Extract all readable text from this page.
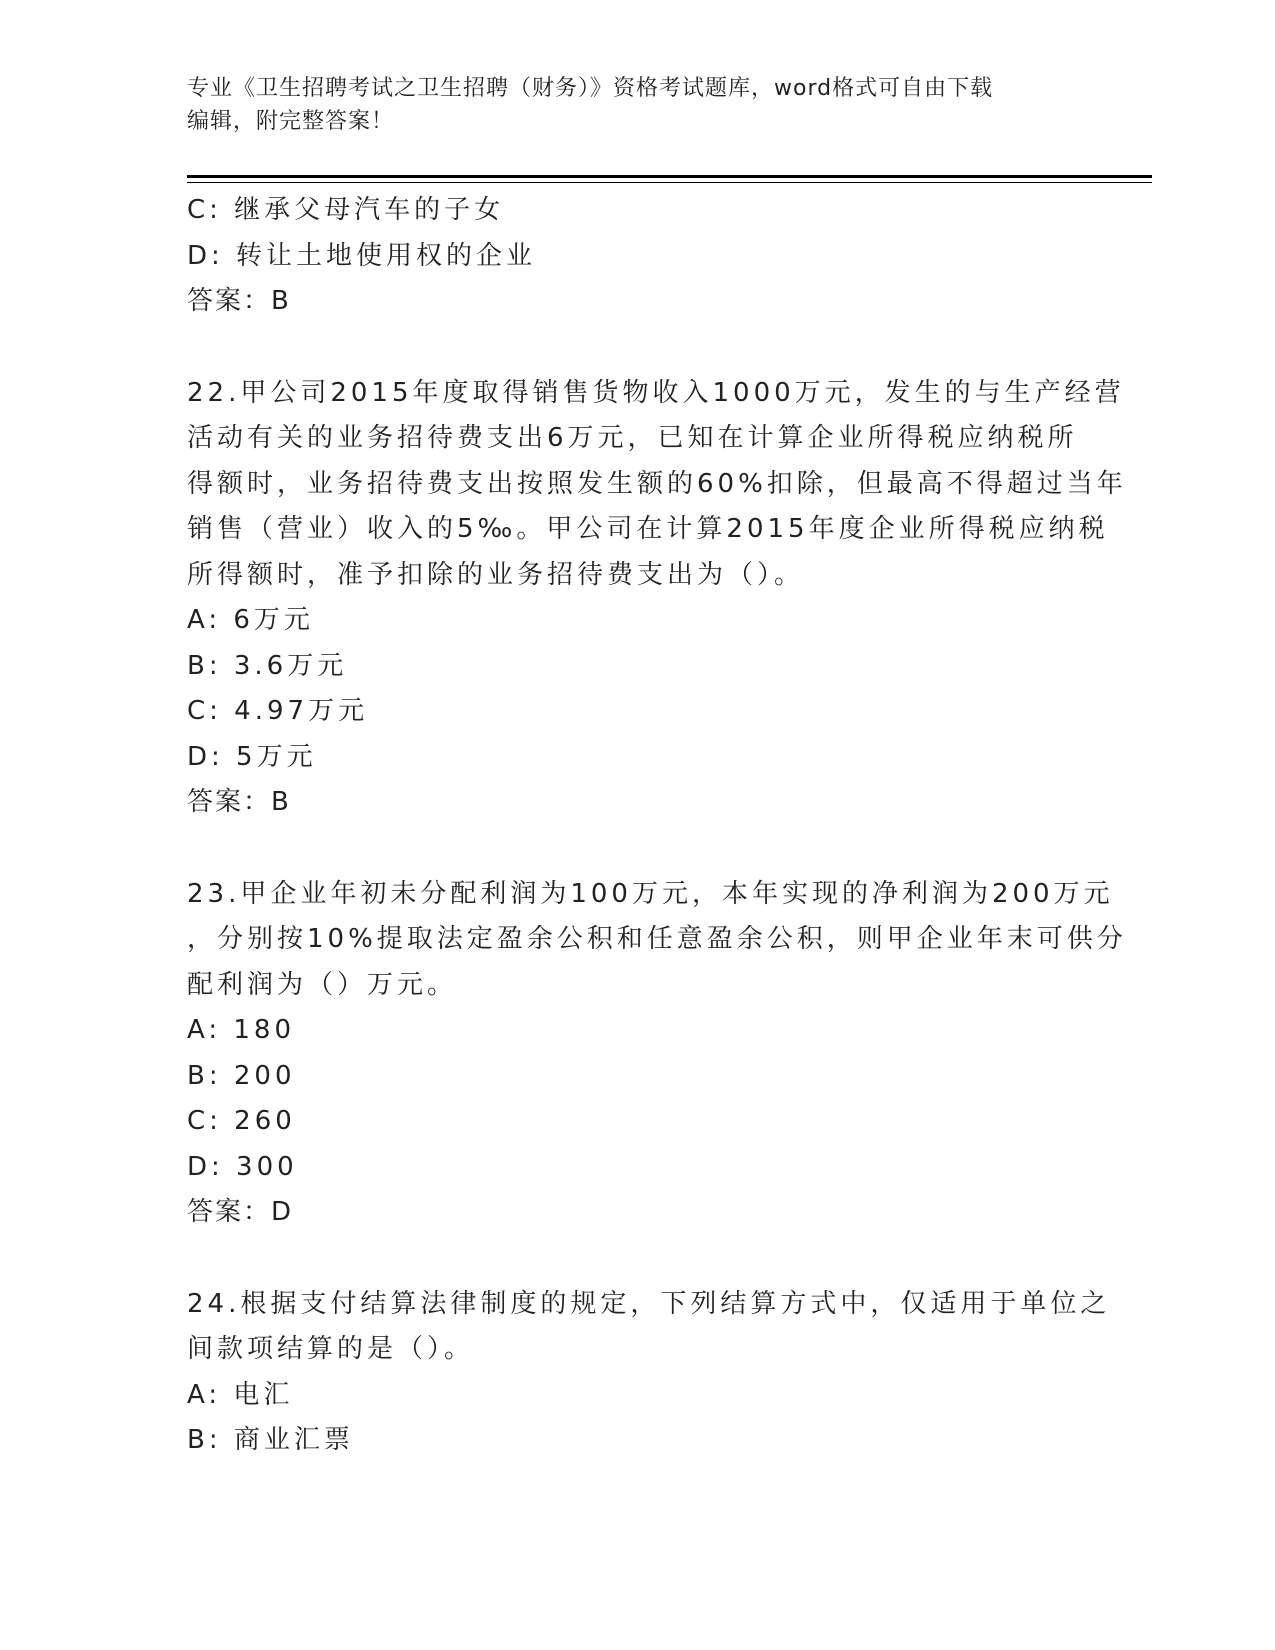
专业《卫生招聘考试之卫生招聘（财务）》资格考试题库，word格式可自由下载
编辑，附完整答案！

C: 继承父母汽车的子女

D: 转让土地使用权的企业

答案：B

22.甲公司2015年度取得销售货物收入1000万元，发生的与生产经营

活动有关的业务招待费支出6万元，已知在计算企业所得税应纳税所

得额时，业务招待费支出按照发生额的60%扣除，但最高不得超过当年

销售（营业）收入的5‰。甲公司在计算2015年度企业所得税应纳税

所得额时，准予扣除的业务招待费支出为（）。

A: 6万元

B: 3.6万元

C: 4.97万元

D: 5万元

答案：B

23.甲企业年初未分配利润为100万元，本年实现的净利润为200万元

，分别按10%提取法定盈余公积和任意盈余公积，则甲企业年末可供分

配利润为（）万元。

A: 180

B: 200

C: 260

D: 300

答案：D

24.根据支付结算法律制度的规定，下列结算方式中，仅适用于单位之

间款项结算的是（）。

A: 电汇

B: 商业汇票
